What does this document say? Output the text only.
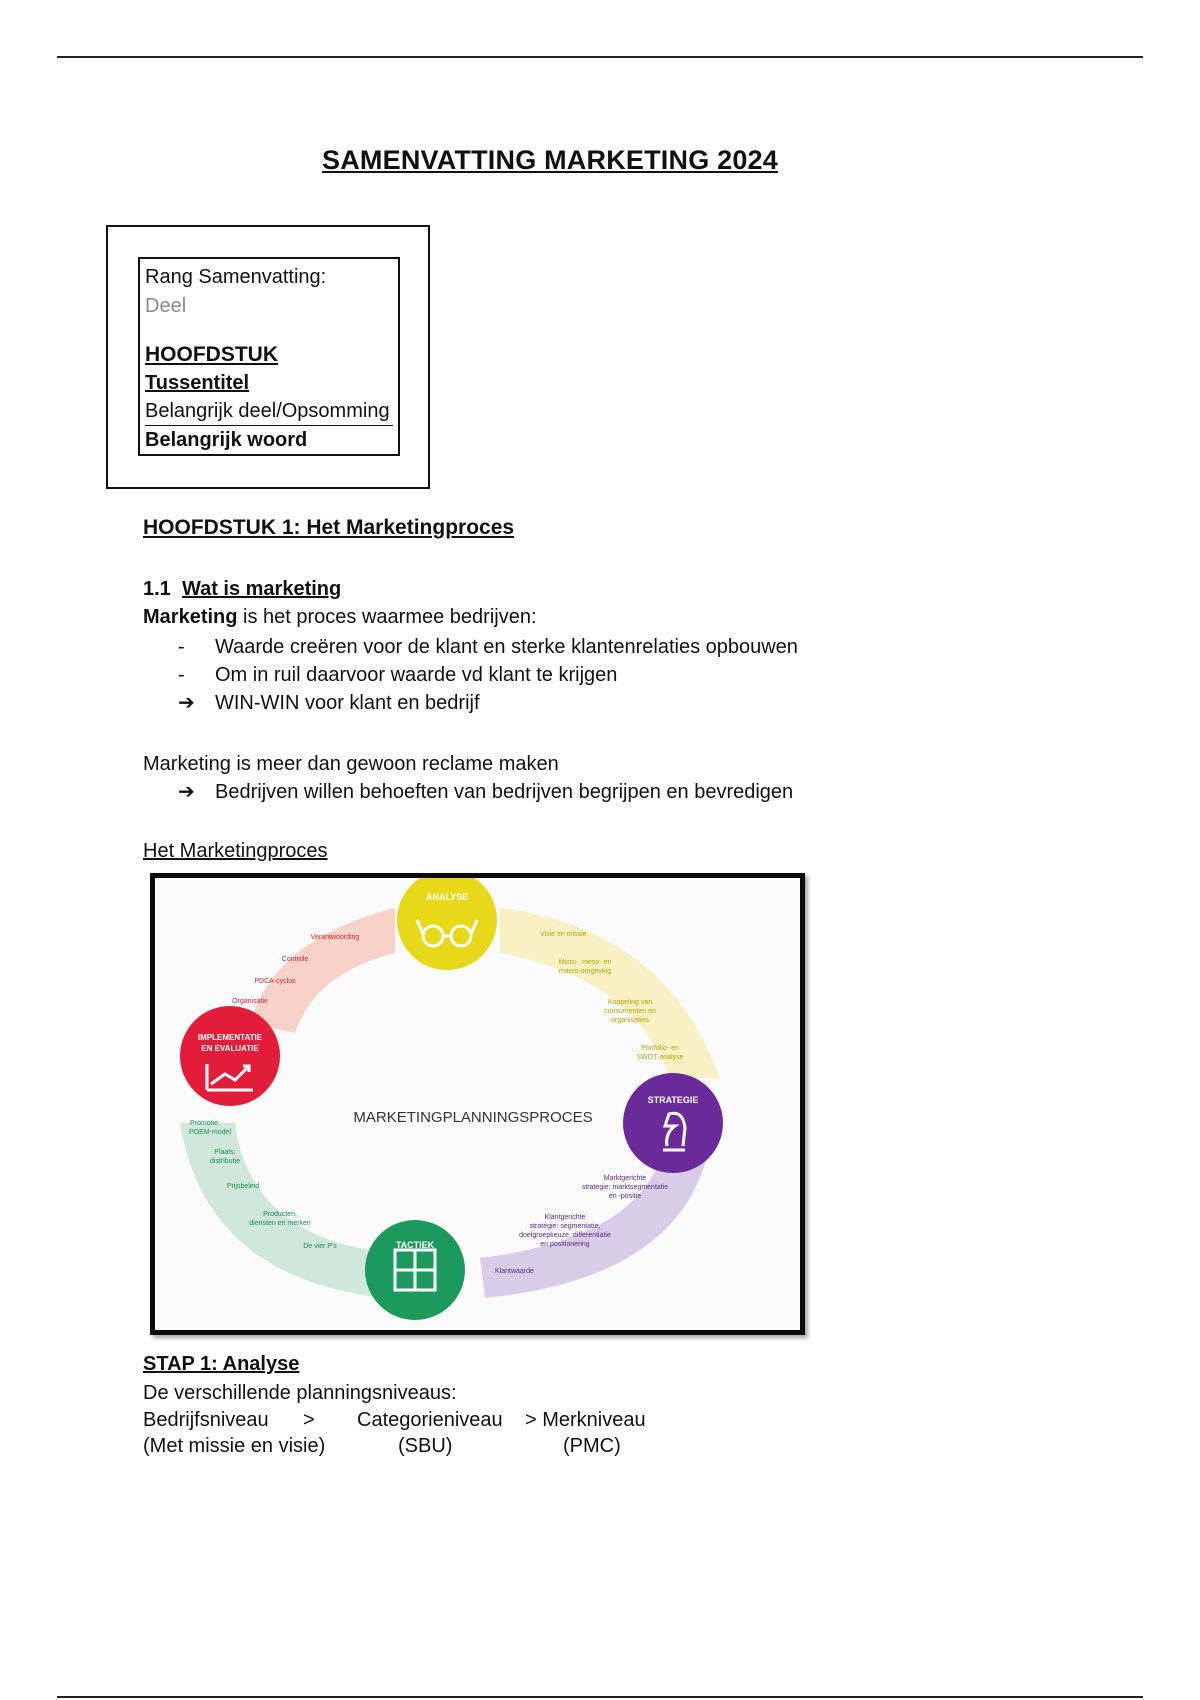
SAMENVATTING MARKETING 2024
Rang Samenvatting:
Deel
HOOFDSTUK
Tussentitel
Belangrijk deel/Opsomming
Belangrijk woord
HOOFDSTUK 1: Het Marketingproces
1.1 Wat is marketing
Marketing is het proces waarmee bedrijven:
- Waarde creëren voor de klant en sterke klantenrelaties opbouwen
- Om in ruil daarvoor waarde vd klant te krijgen
➔ WIN-WIN voor klant en bedrijf
Marketing is meer dan gewoon reclame maken
➔ Bedrijven willen behoeften van bedrijven begrijpen en bevredigen
Het Marketingproces
ANALYSE
STRATEGIE
TACTIEK
IMPLEMENTATIE
EN EVALUATIE
MARKETINGPLANNINGSPROCES
Visie en missie
Micro-, meso- en
macro-omgeving
Koppeling van
consumenten en
organisaties
Portfolio- en
SWOT-analyse
Marktgerichte
strategie: marktsegmentatie
en -positie
Klantgerichte
strategie: segmentatie,
doelgroepkeuze, differentiatie
en positionering
Klantwaarde
Promotie:
POEM-model
Plaats:
distributie
Prijsbeleid
Producten,
diensten en merken
De vier P's
Verantwoording
Controle
PDCA-cyclus
Organisatie
STAP 1: Analyse
De verschillende planningsniveaus:
Bedrijfsniveau > Categorieniveau > Merkniveau
(Met missie en visie)	(SBU)	(PMC)
